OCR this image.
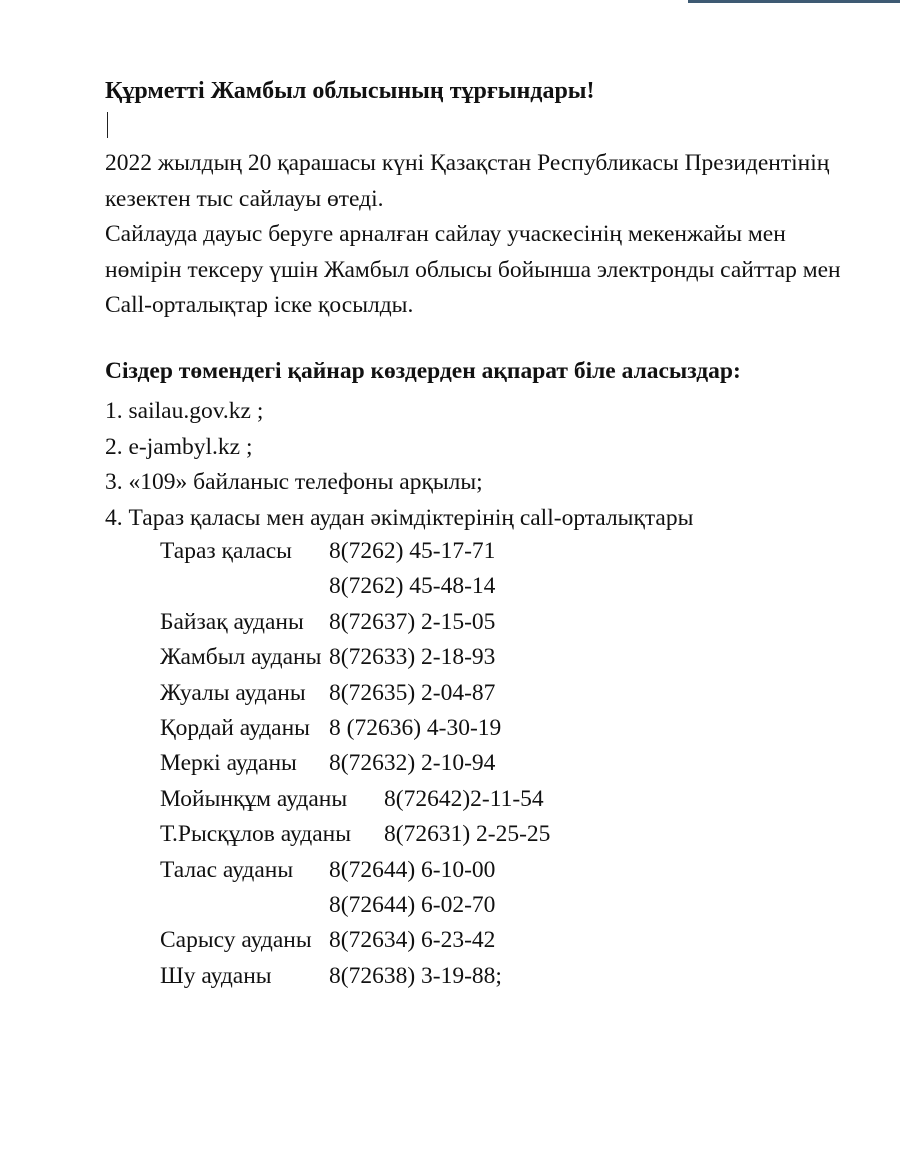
Құрметті Жамбыл облысының тұрғындары!

2022 жылдың 20 қарашасы күні Қазақстан Республикасы Президентінің кезектен тыс сайлауы өтеді.

Сайлауда дауыс беруге арналған сайлау учаскесінің мекенжайы мен нөмірін тексеру үшін Жамбыл облысы бойынша электронды сайттар мен Call-орталықтар іске қосылды.

Сіздер төмендегі қайнар көздерден ақпарат біле аласыздар:
1. sailau.gov.kz ;
2. e-jambyl.kz ;
3. «109» байланыс телефоны арқылы;
4. Тараз қаласы мен аудан әкімдіктерінің call-орталықтары
Тараз қаласы 8(7262) 45-17-71
8(7262) 45-48-14
Байзақ ауданы 8(72637) 2-15-05
Жамбыл ауданы 8(72633) 2-18-93
Жуалы ауданы 8(72635) 2-04-87
Қордай ауданы 8 (72636) 4-30-19
Меркі ауданы 8(72632) 2-10-94
Мойынқұм ауданы 8(72642)2-11-54
Т.Рысқұлов ауданы 8(72631) 2-25-25
Талас ауданы 8(72644) 6-10-00
8(72644) 6-02-70
Сарысу ауданы 8(72634) 6-23-42
Шу ауданы 8(72638) 3-19-88;
